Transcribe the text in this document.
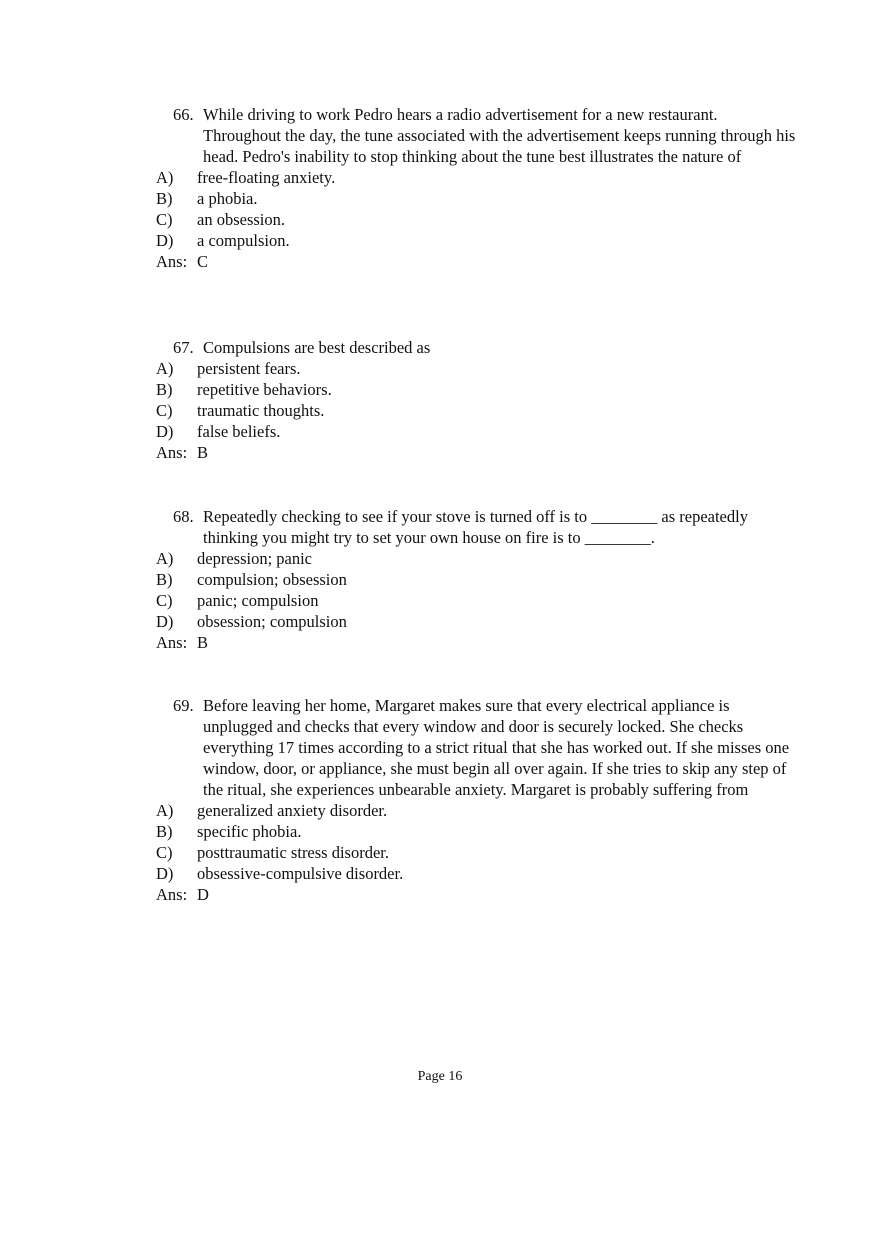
66. While driving to work Pedro hears a radio advertisement for a new restaurant. Throughout the day, the tune associated with the advertisement keeps running through his head. Pedro's inability to stop thinking about the tune best illustrates the nature of
A) free-floating anxiety.
B) a phobia.
C) an obsession.
D) a compulsion.
Ans: C
67. Compulsions are best described as
A) persistent fears.
B) repetitive behaviors.
C) traumatic thoughts.
D) false beliefs.
Ans: B
68. Repeatedly checking to see if your stove is turned off is to ________ as repeatedly thinking you might try to set your own house on fire is to ________.
A) depression; panic
B) compulsion; obsession
C) panic; compulsion
D) obsession; compulsion
Ans: B
69. Before leaving her home, Margaret makes sure that every electrical appliance is unplugged and checks that every window and door is securely locked. She checks everything 17 times according to a strict ritual that she has worked out. If she misses one window, door, or appliance, she must begin all over again. If she tries to skip any step of the ritual, she experiences unbearable anxiety. Margaret is probably suffering from
A) generalized anxiety disorder.
B) specific phobia.
C) posttraumatic stress disorder.
D) obsessive-compulsive disorder.
Ans: D
Page 16
